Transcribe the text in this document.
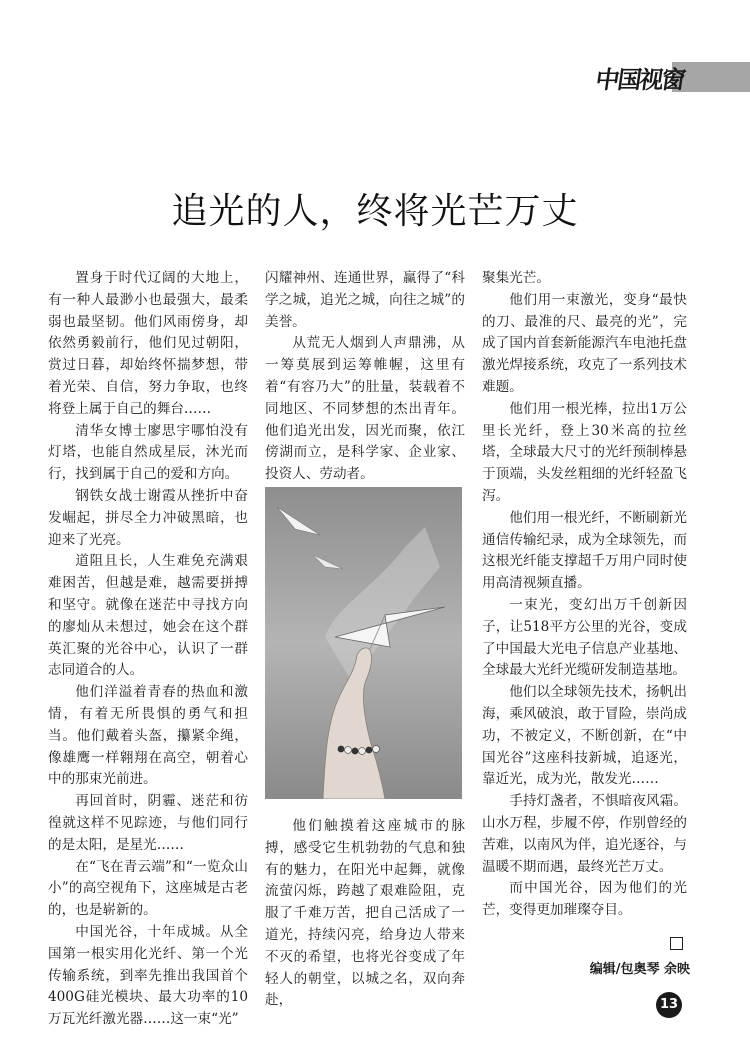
中国视窗
追光的人，终将光芒万丈

置身于时代辽阔的大地上，有一种人最渺小也最强大，最柔弱也最坚韧。他们风雨傍身，却依然勇毅前行，他们见过朝阳，赏过日暮，却始终怀揣梦想，带着光荣、自信，努力争取，也终将登上属于自己的舞台……

清华女博士廖思宇哪怕没有灯塔，也能自然成星辰，沐光而行，找到属于自己的爱和方向。

钢铁女战士谢霞从挫折中奋发崛起，拼尽全力冲破黑暗，也迎来了光亮。

道阻且长，人生难免充满艰难困苦，但越是难，越需要拼搏和坚守。就像在迷茫中寻找方向的廖灿从未想过，她会在这个群英汇聚的光谷中心，认识了一群志同道合的人。

他们洋溢着青春的热血和激情，有着无所畏惧的勇气和担当。他们戴着头盔，攥紧伞绳，像雄鹰一样翱翔在高空，朝着心中的那束光前进。

再回首时，阴霾、迷茫和彷徨就这样不见踪迹，与他们同行的是太阳，是星光……

在“飞在青云端”和“一览众山小”的高空视角下，这座城是古老的，也是崭新的。

中国光谷，十年成城。从全国第一根实用化光纤、第一个光传输系统，到率先推出我国首个400G硅光模块、最大功率的10万瓦光纤激光器……这一束“光”

闪耀神州、连通世界，赢得了“科学之城，追光之城，向往之城”的美誉。

从荒无人烟到人声鼎沸，从一筹莫展到运筹帷幄，这里有着“有容乃大”的肚量，装载着不同地区、不同梦想的杰出青年。他们追光出发，因光而聚，依江傍湖而立，是科学家、企业家、投资人、劳动者。

他们触摸着这座城市的脉搏，感受它生机勃勃的气息和独有的魅力，在阳光中起舞，就像流萤闪烁，跨越了艰难险阻，克服了千难万苦，把自己活成了一道光，持续闪亮，给身边人带来不灭的希望，也将光谷变成了年轻人的朝堂，以城之名，双向奔赴，

聚集光芒。

他们用一束激光，变身“最快的刀、最准的尺、最亮的光”，完成了国内首套新能源汽车电池托盘激光焊接系统，攻克了一系列技术难题。

他们用一根光棒，拉出1万公里长光纤，登上30米高的拉丝塔，全球最大尺寸的光纤预制棒悬于顶端，头发丝粗细的光纤轻盈飞泻。

他们用一根光纤，不断刷新光通信传输纪录，成为全球领先，而这根光纤能支撑超千万用户同时使用高清视频直播。

一束光，变幻出万千创新因子，让518平方公里的光谷，变成了中国最大光电子信息产业基地、全球最大光纤光缆研发制造基地。

他们以全球领先技术，扬帆出海，乘风破浪，敢于冒险，崇尚成功，不被定义，不断创新，在“中国光谷”这座科技新城，追逐光，靠近光，成为光，散发光……

手持灯盏者，不惧暗夜风霜。山水万程，步履不停，作别曾经的苦难，以南风为伴，追光逐谷，与温暖不期而遇，最终光芒万丈。

而中国光谷，因为他们的光芒，变得更加璀璨夺目。

编辑/包奥琴 余映
13
